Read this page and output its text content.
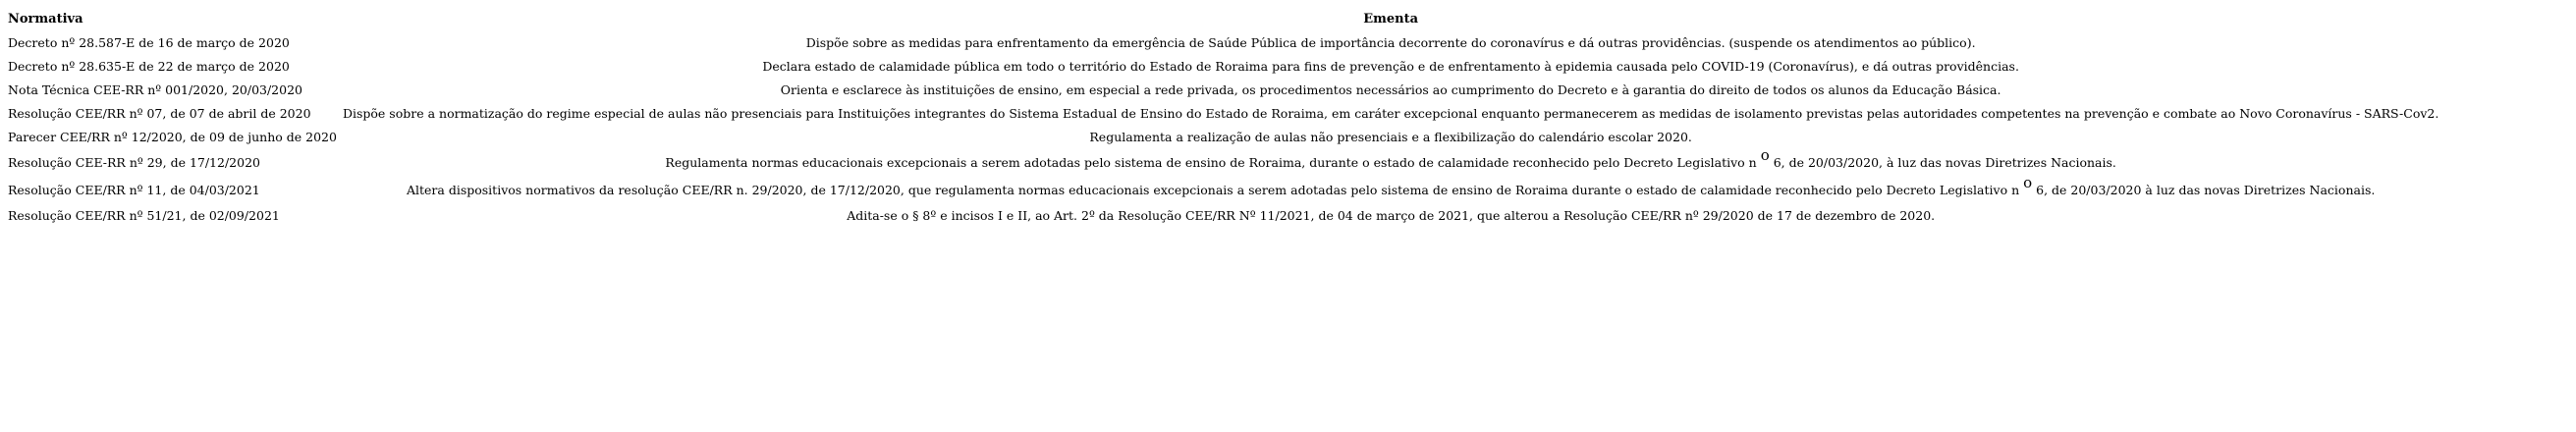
Normativa	Ementa
Decreto nº 28.587-E de 16 de março de 2020	Dispõe sobre as medidas para enfrentamento da emergência de Saúde Pública de importância decorrente do coronavírus e dá outras providências. (suspende os atendimentos ao público).
Decreto nº 28.635-E de 22 de março de 2020	Declara estado de calamidade pública em todo o território do Estado de Roraima para fins de prevenção e de enfrentamento à epidemia causada pelo COVID-19 (Coronavírus), e dá outras providências.
Nota Técnica CEE-RR nº 001/2020, 20/03/2020	Orienta e esclarece às instituições de ensino, em especial a rede privada, os procedimentos necessários ao cumprimento do Decreto e à garantia do direito de todos os alunos da Educação Básica.
Resolução CEE/RR nº 07, de 07 de abril de 2020	Dispõe sobre a normatização do regime especial de aulas não presenciais para Instituições integrantes do Sistema Estadual de Ensino do Estado de Roraima, em caráter excepcional enquanto permanecerem as medidas de isolamento previstas pelas autoridades competentes na prevenção e combate ao Novo Coronavírus - SARS-Cov2.
Parecer CEE/RR nº 12/2020, de 09 de junho de 2020	Regulamenta a realização de aulas não presenciais e a flexibilização do calendário escolar 2020.
Resolução CEE-RR nº 29, de 17/12/2020	Regulamenta normas educacionais excepcionais a serem adotadas pelo sistema de ensino de Roraima, durante o estado de calamidade reconhecido pelo Decreto Legislativo n $^o$ 6, de 20/03/2020, à luz das novas Diretrizes Nacionais.
Resolução CEE/RR nº 11, de 04/03/2021	Altera dispositivos normativos da resolução CEE/RR n. 29/2020, de 17/12/2020, que regulamenta normas educacionais excepcionais a serem adotadas pelo sistema de ensino de Roraima durante o estado de calamidade reconhecido pelo Decreto Legislativo n $^o$ 6, de 20/03/2020 à luz das novas Diretrizes Nacionais.
Resolução CEE/RR nº 51/21, de 02/09/2021	Adita-se o § 8º e incisos I e II, ao Art. 2º da Resolução CEE/RR Nº 11/2021, de 04 de março de 2021, que alterou a Resolução CEE/RR nº 29/2020 de 17 de dezembro de 2020.
